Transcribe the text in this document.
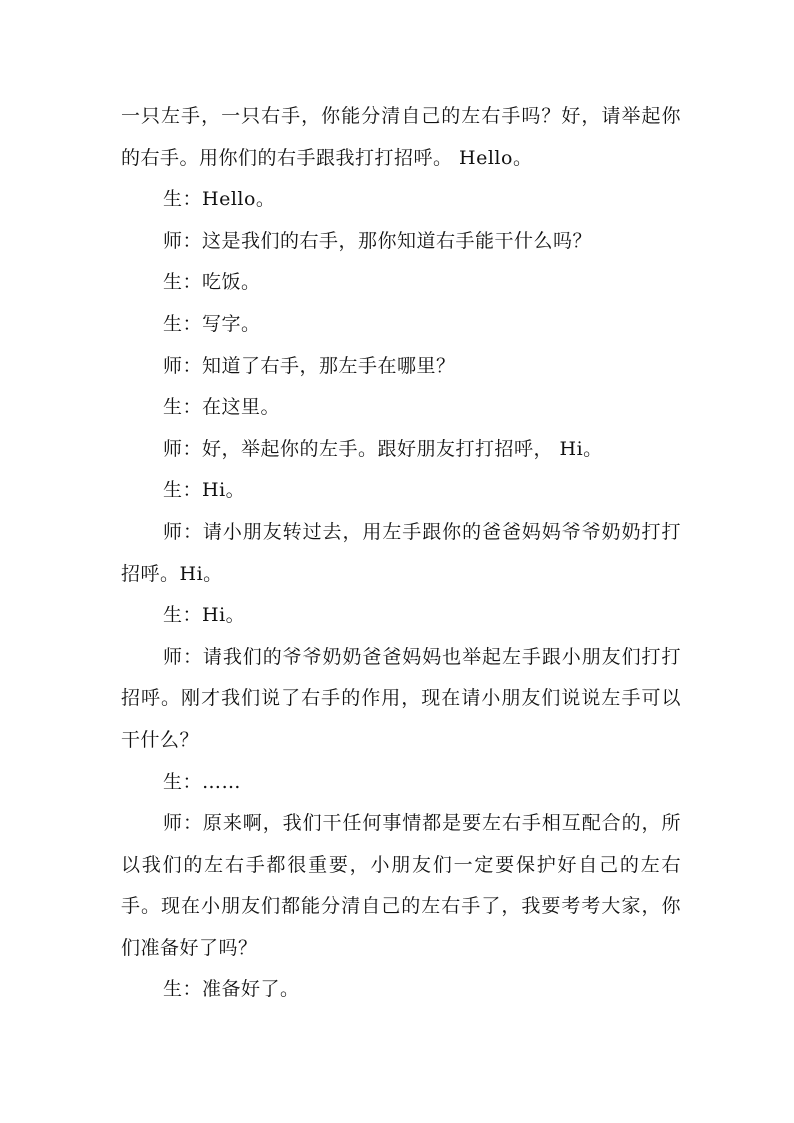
一只左手，一只右手，你能分清自己的左右手吗？好，请举起你的右手。用你们的右手跟我打打招呼。 Hello。

生：Hello。

师：这是我们的右手，那你知道右手能干什么吗？

生：吃饭。

生：写字。

师：知道了右手，那左手在哪里？

生：在这里。

师：好，举起你的左手。跟好朋友打打招呼， Hi。

生：Hi。

师：请小朋友转过去，用左手跟你的爸爸妈妈爷爷奶奶打打招呼。Hi。

生：Hi。

师：请我们的爷爷奶奶爸爸妈妈也举起左手跟小朋友们打打招呼。刚才我们说了右手的作用，现在请小朋友们说说左手可以干什么？

生：……

师：原来啊，我们干任何事情都是要左右手相互配合的，所以我们的左右手都很重要，小朋友们一定要保护好自己的左右手。现在小朋友们都能分清自己的左右手了，我要考考大家，你们准备好了吗？

生：准备好了。
